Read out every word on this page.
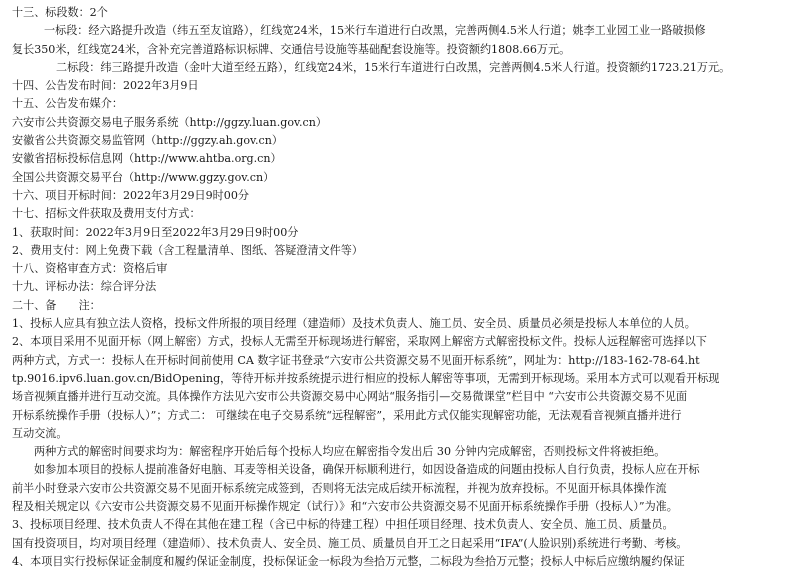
十三、标段数：2个
一标段：经六路提升改造（纬五至友谊路），红线宽24米，15米行车道进行白改黑，完善两侧4.5米人行道；姚李工业园工业一路破损修
复长350米，红线宽24米，含补充完善道路标识标牌、交通信号设施等基础配套设施等。投资额约1808.66万元。
二标段：纬三路提升改造（金叶大道至经五路），红线宽24米，15米行车道进行白改黑，完善两侧4.5米人行道。投资额约1723.21万元。
十四、公告发布时间：2022年3月9日
十五、公告发布媒介：
六安市公共资源交易电子服务系统（http://ggzy.luan.gov.cn）
安徽省公共资源交易监管网（http://ggzy.ah.gov.cn）
安徽省招标投标信息网（http://www.ahtba.org.cn）
全国公共资源交易平台（http://www.ggzy.gov.cn）
十六、项目开标时间：2022年3月29日9时00分
十七、招标文件获取及费用支付方式：
1、获取时间：2022年3月9日至2022年3月29日9时00分
2、费用支付：网上免费下载（含工程量清单、图纸、答疑澄清文件等）
十八、资格审查方式：资格后审
十九、评标办法：综合评分法
二十、备　　注：
1、投标人应具有独立法人资格，投标文件所报的项目经理（建造师）及技术负责人、施工员、安全员、质量员必须是投标人本单位的人员。
2、本项目采用不见面开标（网上解密）方式，投标人无需至开标现场进行解密，采取网上解密方式解密投标文件。投标人远程解密可选择以下
两种方式，方式一：投标人在开标时间前使用 CA 数字证书登录“六安市公共资源交易不见面开标系统”，网址为：http://183-162-78-64.ht
tp.9016.ipv6.luan.gov.cn/BidOpening，等待开标并按系统提示进行相应的投标人解密等事项，无需到开标现场。采用本方式可以观看开标现
场音视频直播并进行互动交流。具体操作方法见六安市公共资源交易中心网站“服务指引—交易微课堂”栏目中 “六安市公共资源交易不见面
开标系统操作手册（投标人）”；方式二： 可继续在电子交易系统“远程解密”，采用此方式仅能实现解密功能，无法观看音视频直播并进行
互动交流。
两种方式的解密时间要求均为：解密程序开始后每个投标人均应在解密指令发出后 30 分钟内完成解密，否则投标文件将被拒绝。
如参加本项目的投标人提前准备好电脑、耳麦等相关设备，确保开标顺利进行，如因设备造成的问题由投标人自行负责，投标人应在开标
前半小时登录六安市公共资源交易不见面开标系统完成签到，否则将无法完成后续开标流程，并视为放弃投标。不见面开标具体操作流
程及相关规定以《六安市公共资源交易不见面开标操作规定（试行）》和“六安市公共资源交易不见面开标系统操作手册（投标人）”为准。
3、投标项目经理、技术负责人不得在其他在建工程（含已中标的待建工程）中担任项目经理、技术负责人、安全员、施工员、质量员。
国有投资项目，均对项目经理（建造师）、技术负责人、安全员、施工员、质量员自开工之日起采用“IFA”(人脸识别)系统进行考勤、考核。
4、本项目实行投标保证金制度和履约保证金制度，投标保证金一标段为叁拾万元整，二标段为叁拾万元整；投标人中标后应缴纳履约保证
